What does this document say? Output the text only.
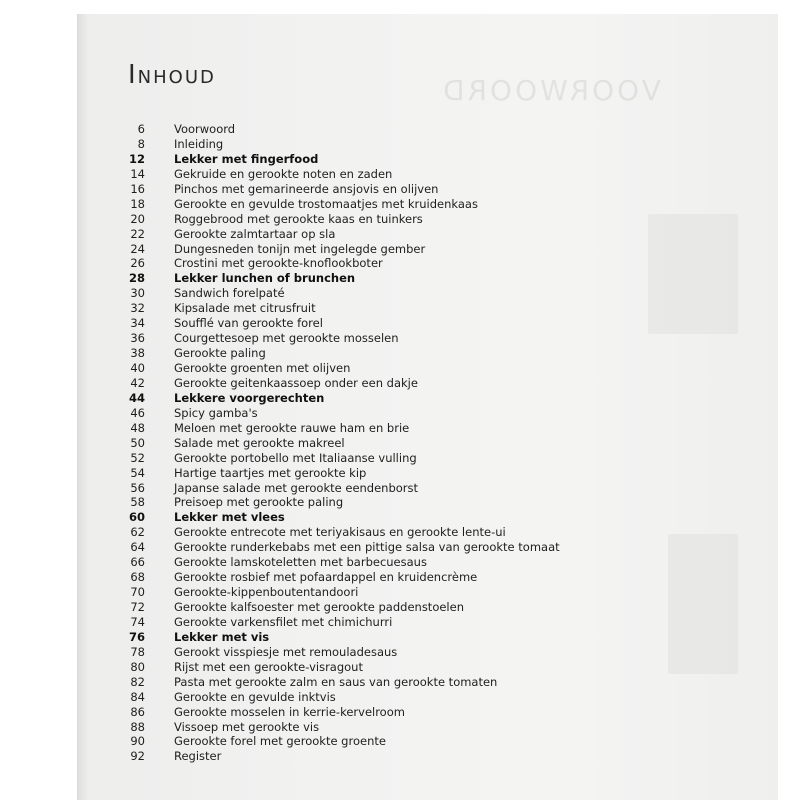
VOORWOORD
Inhoud
6	Voorwoord
8	Inleiding
12	Lekker met fingerfood
14	Gekruide en gerookte noten en zaden
16	Pinchos met gemarineerde ansjovis en olijven
18	Gerookte en gevulde trostomaatjes met kruidenkaas
20	Roggebrood met gerookte kaas en tuinkers
22	Gerookte zalmtartaar op sla
24	Dungesneden tonijn met ingelegde gember
26	Crostini met gerookte-knoflookboter
28	Lekker lunchen of brunchen
30	Sandwich forelpaté
32	Kipsalade met citrusfruit
34	Soufflé van gerookte forel
36	Courgettesoep met gerookte mosselen
38	Gerookte paling
40	Gerookte groenten met olijven
42	Gerookte geitenkaassoep onder een dakje
44	Lekkere voorgerechten
46	Spicy gamba's
48	Meloen met gerookte rauwe ham en brie
50	Salade met gerookte makreel
52	Gerookte portobello met Italiaanse vulling
54	Hartige taartjes met gerookte kip
56	Japanse salade met gerookte eendenborst
58	Preisoep met gerookte paling
60	Lekker met vlees
62	Gerookte entrecote met teriyakisaus en gerookte lente-ui
64	Gerookte runderkebabs met een pittige salsa van gerookte tomaat
66	Gerookte lamskoteletten met barbecuesaus
68	Gerookte rosbief met pofaardappel en kruidencrème
70	Gerookte-kippenboutentandoori
72	Gerookte kalfsoester met gerookte paddenstoelen
74	Gerookte varkensfilet met chimichurri
76	Lekker met vis
78	Gerookt visspiesje met remouladesaus
80	Rijst met een gerookte-visragout
82	Pasta met gerookte zalm en saus van gerookte tomaten
84	Gerookte en gevulde inktvis
86	Gerookte mosselen in kerrie-kervelroom
88	Vissoep met gerookte vis
90	Gerookte forel met gerookte groente
92	Register
